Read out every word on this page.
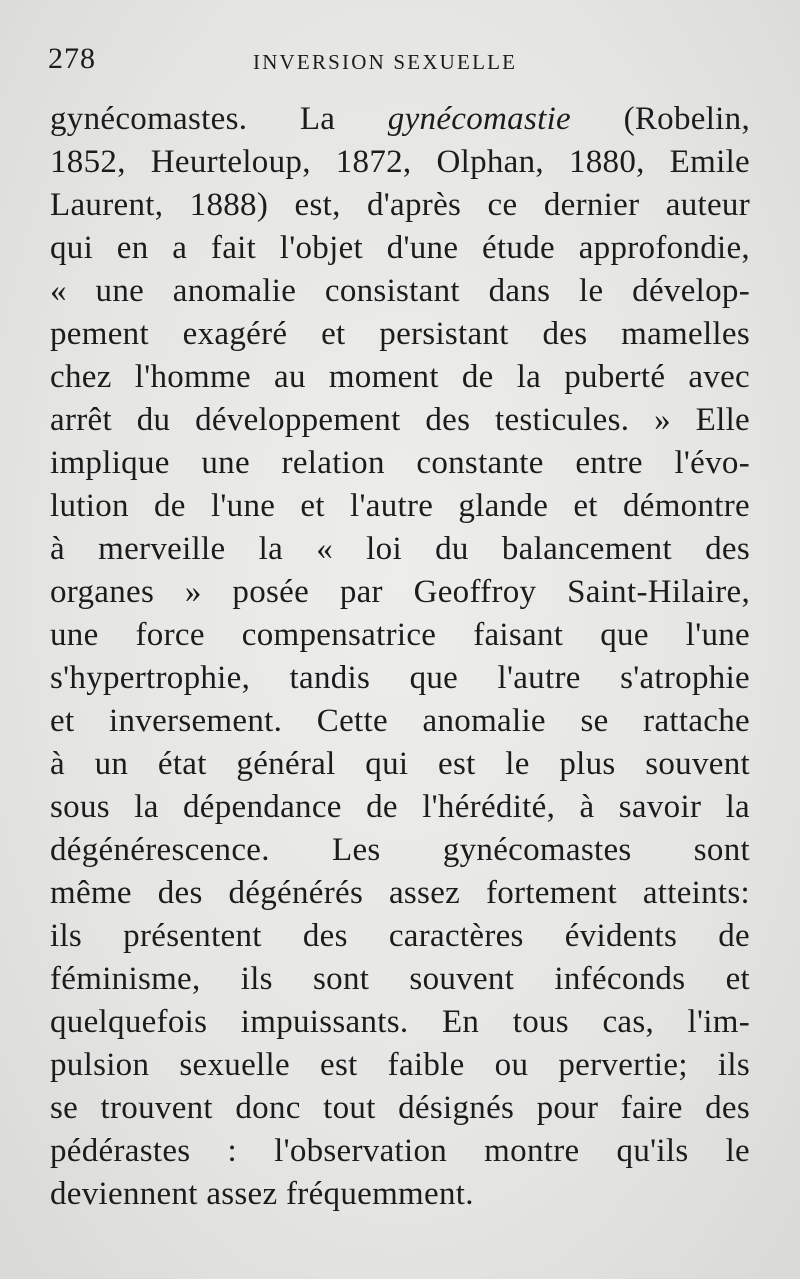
278	INVERSION SEXUELLE
gynécomastes. La gynécomastie (Robelin,
1852, Heurteloup, 1872, Olphan, 1880, Emile
Laurent, 1888) est, d'après ce dernier auteur
qui en a fait l'objet d'une étude approfondie,
« une anomalie consistant dans le dévelop-
pement exagéré et persistant des mamelles
chez l'homme au moment de la puberté avec
arrêt du développement des testicules. » Elle
implique une relation constante entre l'évo-
lution de l'une et l'autre glande et démontre
à merveille la « loi du balancement des
organes » posée par Geoffroy Saint-Hilaire,
une force compensatrice faisant que l'une
s'hypertrophie, tandis que l'autre s'atrophie
et inversement. Cette anomalie se rattache
à un état général qui est le plus souvent
sous la dépendance de l'hérédité, à savoir la
dégénérescence. Les gynécomastes sont
même des dégénérés assez fortement atteints:
ils présentent des caractères évidents de
féminisme, ils sont souvent inféconds et
quelquefois impuissants. En tous cas, l'im-
pulsion sexuelle est faible ou pervertie; ils
se trouvent donc tout désignés pour faire des
pédérastes : l'observation montre qu'ils le
deviennent assez fréquemment.
